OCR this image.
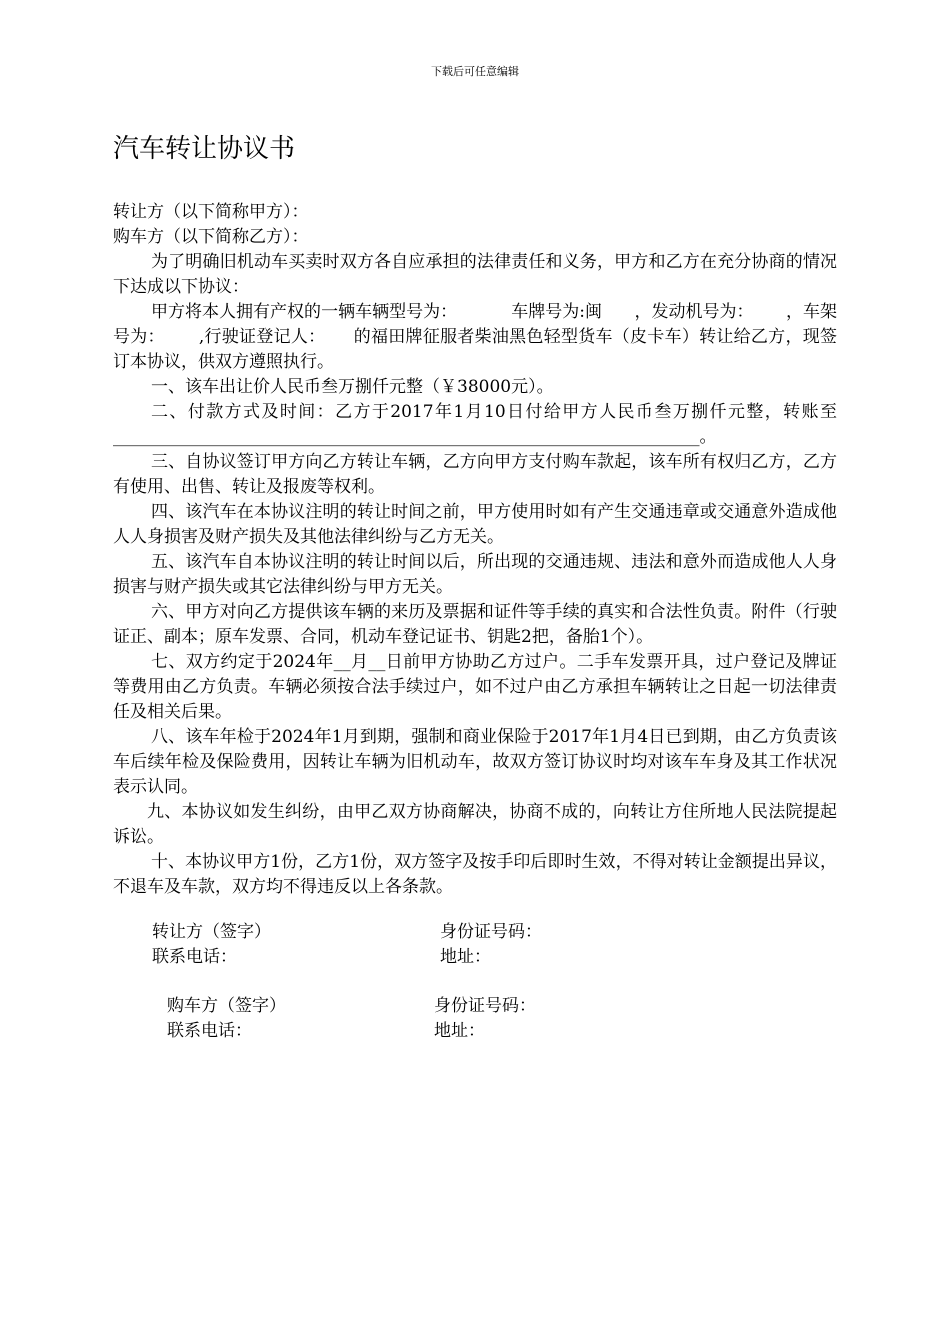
下载后可任意编辑
汽车转让协议书

转让方（以下简称甲方）：

购车方（以下简称乙方）：

为了明确旧机动车买卖时双方各自应承担的法律责任和义务，甲方和乙方在充分协商的情况下达成以下协议：

甲方将本人拥有产权的一辆车辆型号为：          车牌号为:闽      ，发动机号为：      ，车架号为：      ,行驶证登记人：     的福田牌征服者柴油黑色轻型货车（皮卡车）转让给乙方，现签订本协议，供双方遵照执行。

一、该车出让价人民币叁万捌仟元整（￥38000元）。

二、付款方式及时间：乙方于2017年1月10日付给甲方人民币叁万捌仟元整，转账至_____________________________________________________________________。

三、自协议签订甲方向乙方转让车辆，乙方向甲方支付购车款起，该车所有权归乙方，乙方有使用、出售、转让及报废等权利。

四、该汽车在本协议注明的转让时间之前，甲方使用时如有产生交通违章或交通意外造成他人人身损害及财产损失及其他法律纠纷与乙方无关。

五、该汽车自本协议注明的转让时间以后，所出现的交通违规、违法和意外而造成他人人身损害与财产损失或其它法律纠纷与甲方无关。

六、甲方对向乙方提供该车辆的来历及票据和证件等手续的真实和合法性负责。附件（行驶证正、副本；原车发票、合同，机动车登记证书、钥匙2把，备胎1个）。

七、双方约定于2024年__月__日前甲方协助乙方过户。二手车发票开具，过户登记及牌证等费用由乙方负责。车辆必须按合法手续过户，如不过户由乙方承担车辆转让之日起一切法律责任及相关后果。

八、该车年检于2024年1月到期，强制和商业保险于2017年1月4日已到期，由乙方负责该车后续年检及保险费用，因转让车辆为旧机动车，故双方签订协议时均对该车车身及其工作状况表示认同。

九、本协议如发生纠纷，由甲乙双方协商解决，协商不成的，向转让方住所地人民法院提起诉讼。

十、本协议甲方1份，乙方1份，双方签字及按手印后即时生效，不得对转让金额提出异议，不退车及车款，双方均不得违反以上各条款。

转让方（签字）

联系电话：

身份证号码：

地址：

购车方（签字）

联系电话：

身份证号码：

地址：
